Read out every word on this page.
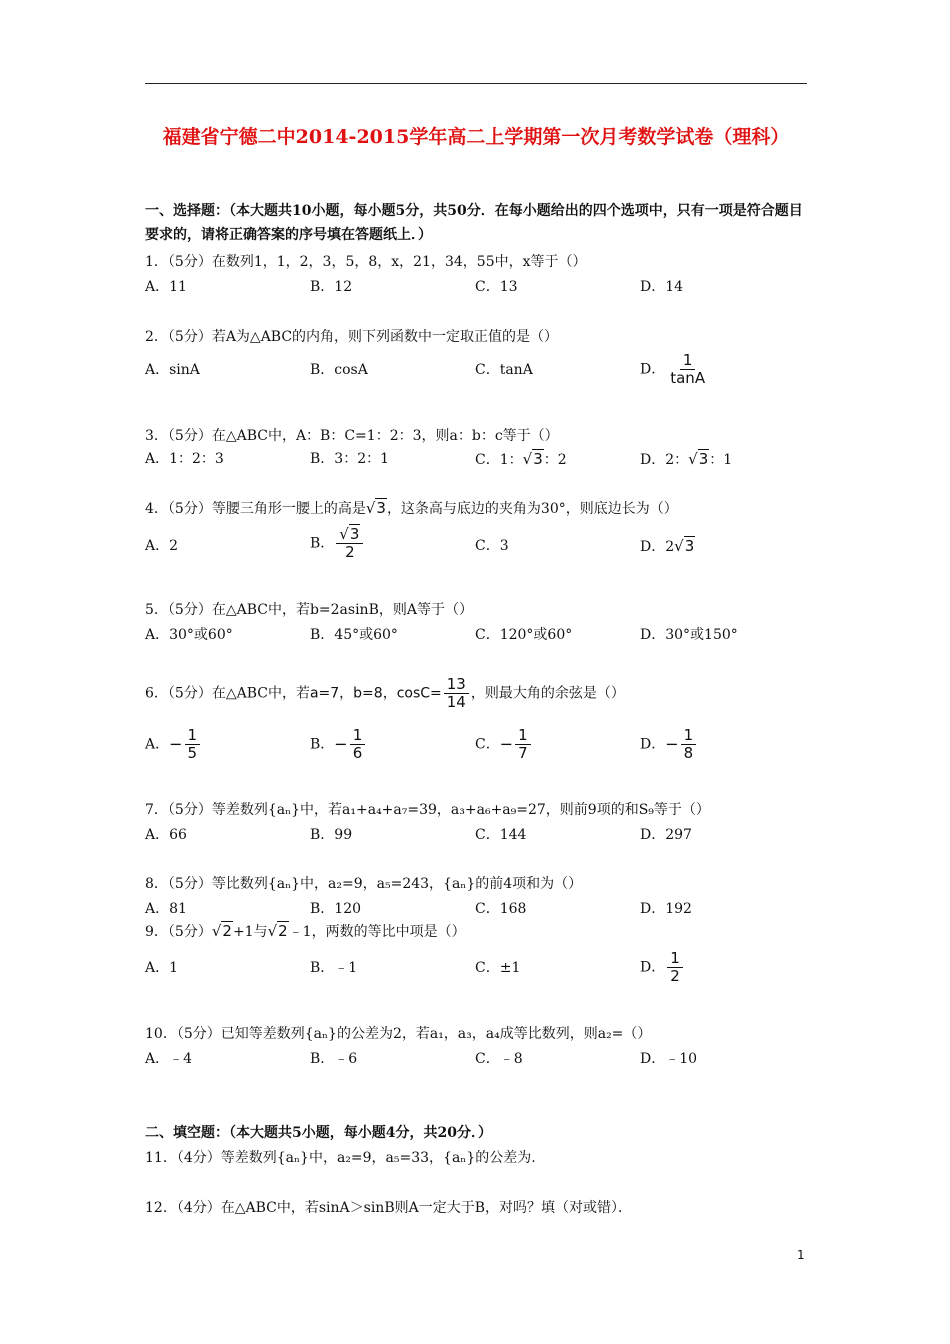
福建省宁德二中2014-2015学年高二上学期第一次月考数学试卷（理科）
一、选择题：（本大题共10小题，每小题5分，共50分．在每小题给出的四个选项中，只有一项是符合题目要求的，请将正确答案的序号填在答题纸上．）
1．（5分）在数列1，1，2，3，5，8，x，21，34，55中，x等于（）
A．11	B．12	C．13	D．14
2．（5分）若A为△ABC的内角，则下列函数中一定取正值的是（）
A．sinA	B．cosA	C．tanA	D． $\frac{1}{\tan A}$
3．（5分）在△ABC中，A：B：C=1：2：3，则a：b：c等于（）
A．1：2：3	B．3：2：1	C．1：√3：2	D．2：√3：1
4．（5分）等腰三角形一腰上的高是√3，这条高与底边的夹角为30°，则底边长为（）
A．2	B． $\frac{√3}{2}$	C．3	D．2√3
5．（5分）在△ABC中，若b=2asinB，则A等于（）
A．30°或60°	B．45°或60°	C．120°或60°	D．30°或150°
6．（5分）在△ABC中，若a=7，b=8，$\cos C= \frac{13}{14}$ ，则最大角的余弦是（）
A．− $\frac{1}{5}$	B．− $\frac{1}{6}$	C．− $\frac{1}{7}$	D．− $\frac{1}{8}$
7．（5分）等差数列{aₙ}中，若a₁+a₄+a₇=39，a₃+a₆+a₉=27，则前9项的和S₉等于（）
A．66	B．99	C．144	D．297
8．（5分）等比数列{aₙ}中，a₂=9，a₅=243，{aₙ}的前4项和为（）
A．81	B．120	C．168	D．192
9．（5分）√2+1与√2﹣1，两数的等比中项是（）
A．1	B．﹣1	C．±1	D． $\frac{1}{2}$
10．（5分）已知等差数列{aₙ}的公差为2，若a₁，a₃，a₄成等比数列，则a₂=（）
A．﹣4	B．﹣6	C．﹣8	D．﹣10
二、填空题：（本大题共5小题，每小题4分，共20分．）
11．（4分）等差数列{aₙ}中，a₂=9，a₅=33，{aₙ}的公差为.
12．（4分）在△ABC中，若sinA＞sinB则A一定大于B，对吗？填（对或错）．
1
